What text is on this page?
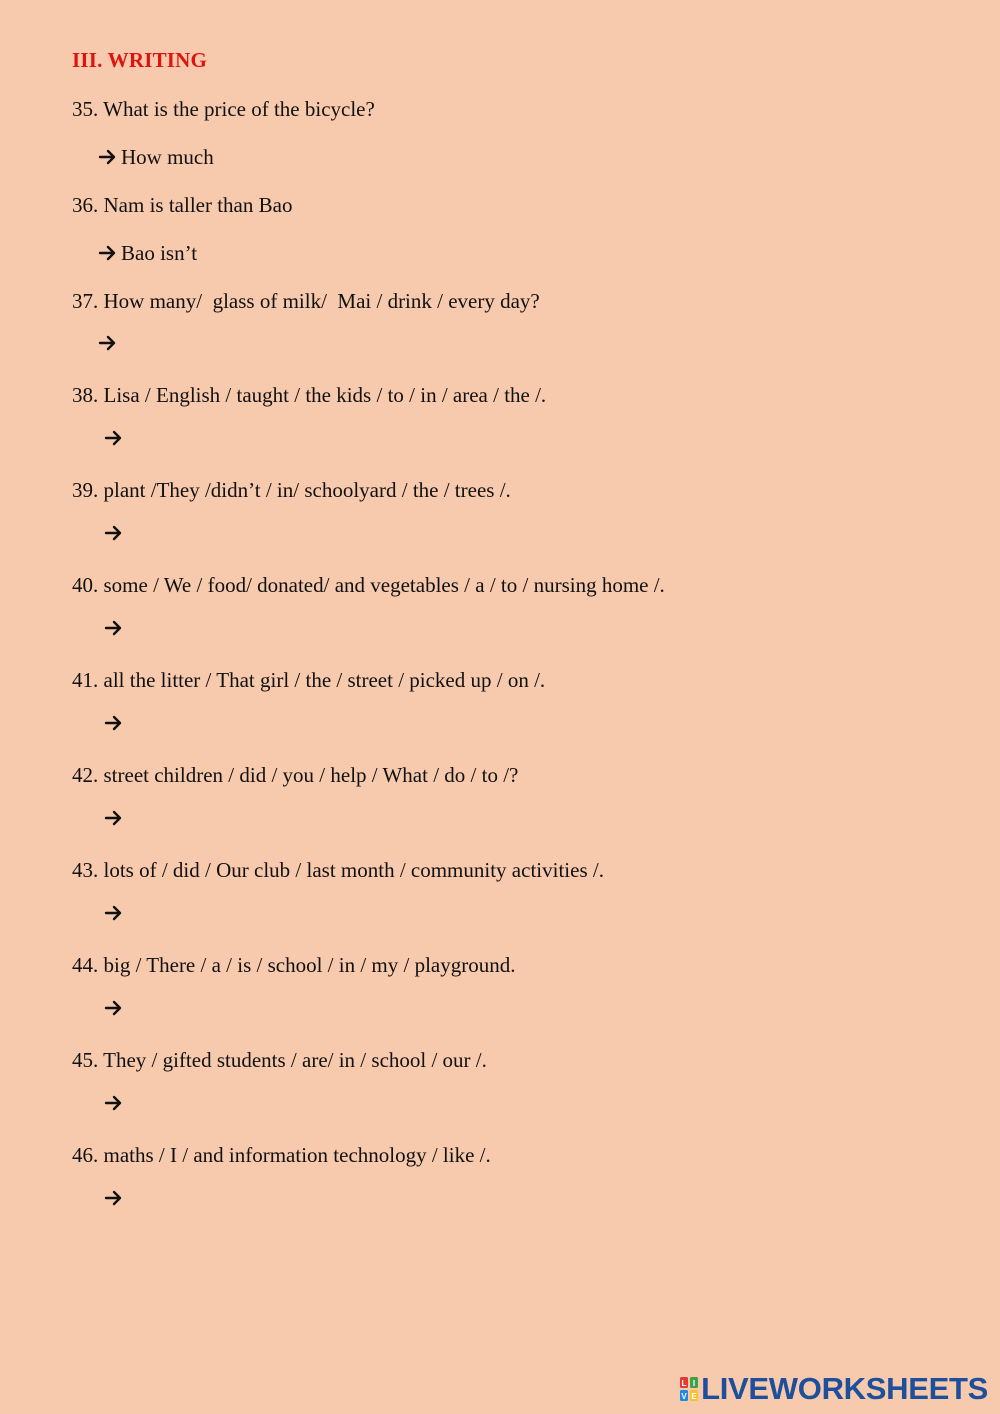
III. WRITING
35. What is the price of the bicycle?
How much
36. Nam is taller than Bao
Bao isn’t
37. How many/  glass of milk/  Mai / drink / every day?
38. Lisa / English / taught / the kids / to / in / area / the /.
39. plant /They /didn’t / in/ schoolyard / the / trees /.
40. some / We / food/ donated/ and vegetables / a / to / nursing home /.
41. all the litter / That girl / the / street / picked up / on /.
42. street children / did / you / help / What / do / to /?
43. lots of / did / Our club / last month / community activities /.
44. big / There / a / is / school / in / my / playground.
45. They / gifted students / are/ in / school / our /.
46. maths / I / and information technology / like /.
L I
V E LIVEWORKSHEETS
